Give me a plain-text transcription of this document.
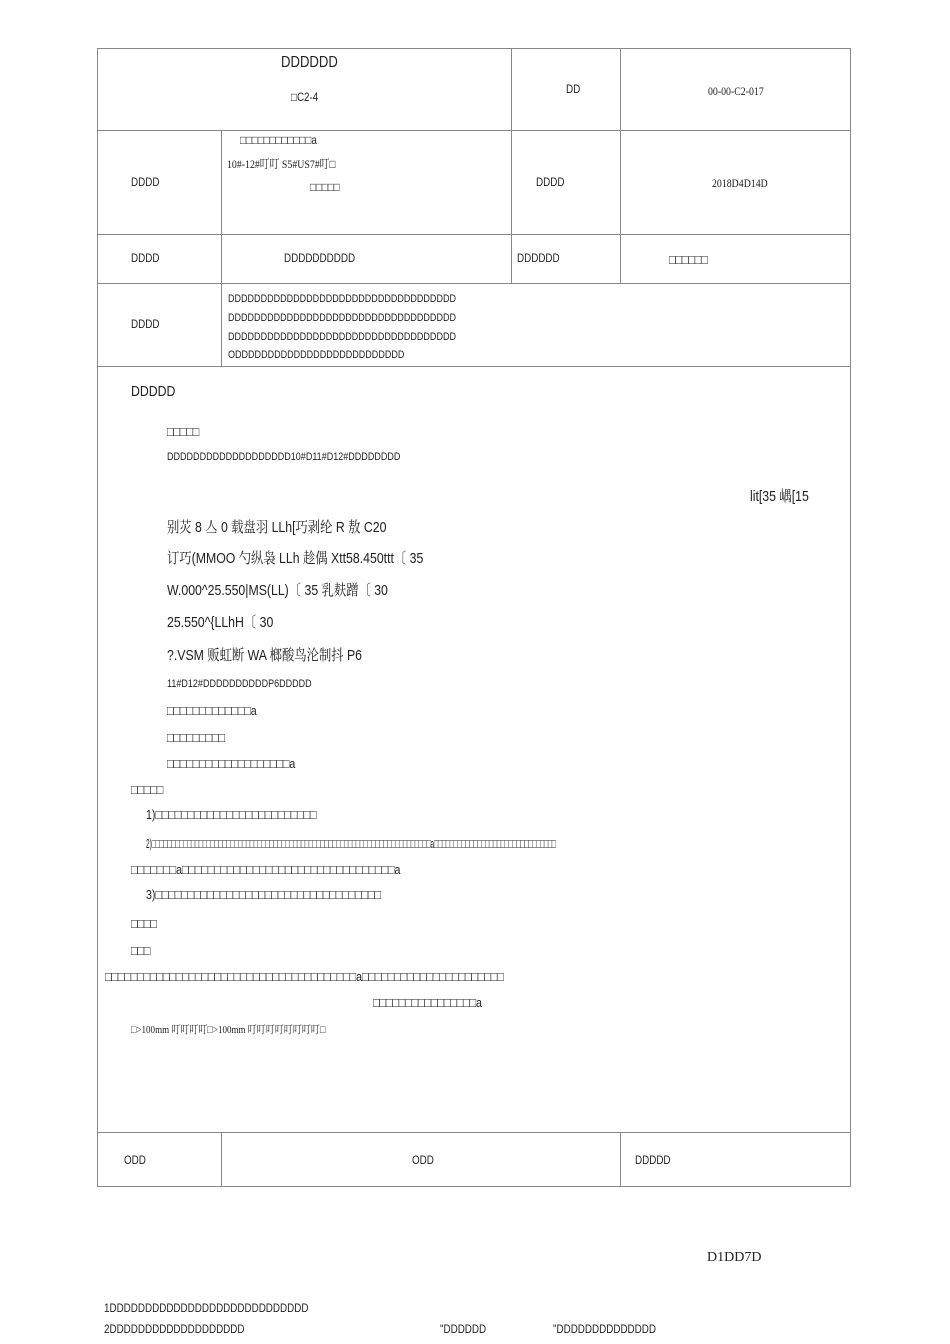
DDDDDD
□C2-4
DD	00-00-C2-017
DDDD
□□□□□□□□□□□□a
10#-12#叮叮 S5#US7#叮□
□□□□□	DDDD	2018D4D14D
DDDD	DDDDDDDDDD	DDDDDD	□□□□□□
DDDD
DDDDDDDDDDDDDDDDDDDDDDDDDDDDDDDDDDD
DDDDDDDDDDDDDDDDDDDDDDDDDDDDDDDDDDD
DDDDDDDDDDDDDDDDDDDDDDDDDDDDDDDDDDD
ODDDDDDDDDDDDDDDDDDDDDDDDDD
DDDDD
□□□□□
DDDDDDDDDDDDDDDDDDD10#D11#D12#DDDDDDDD
lit[35 嵎[15
别苂 8 亼 0 载盘羽 LLh[巧剥纶 R 敖 C20
订巧(MMOO 勺纵袅 LLh 趁偶 Xtt58.450ttt〔 35
W.000^25.550|MS(LL)〔 35 乳麸蹭〔 30
25.550^{LLhH〔 30
?.VSM 贩虹断 WA 榔酸鸟沦制抖 P6
11#D12#DDDDDDDDDDP6DDDDD
□□□□□□□□□□□□□a
□□□□□□□□□
□□□□□□□□□□□□□□□□□□□a
□□□□□
1)□□□□□□□□□□□□□□□□□□□□□□□□□
2)□□□□□□□□□□□□□□□□□□□□□□□□□□□□□□□□□□□□□□□□□□□□□□□□□□□□□□□□□□□□□□□□□□□□□□□a□□□□□□□□□□□□□□□□□□□□□□□□□□□□□□□
□□□□□□□a□□□□□□□□□□□□□□□□□□□□□□□□□□□□□□□□□a
3)□□□□□□□□□□□□□□□□□□□□□□□□□□□□□□□□□□□
□□□□
□□□
□□□□□□□□□□□□□□□□□□□□□□□□□□□□□□□□□□□□□□□a□□□□□□□□□□□□□□□□□□□□□□
□□□□□□□□□□□□□□□□a
□>100mm 叮叮叮叮□>100mm 叮叮叮叮叮叮叮叮□
ODD	ODD	DDDDD
D1DD7D
1DDDDDDDDDDDDDDDDDDDDDDDDDDDD
2DDDDDDDDDDDDDDDDDDD	"DDDDDD	"DDDDDDDDDDDDDD
